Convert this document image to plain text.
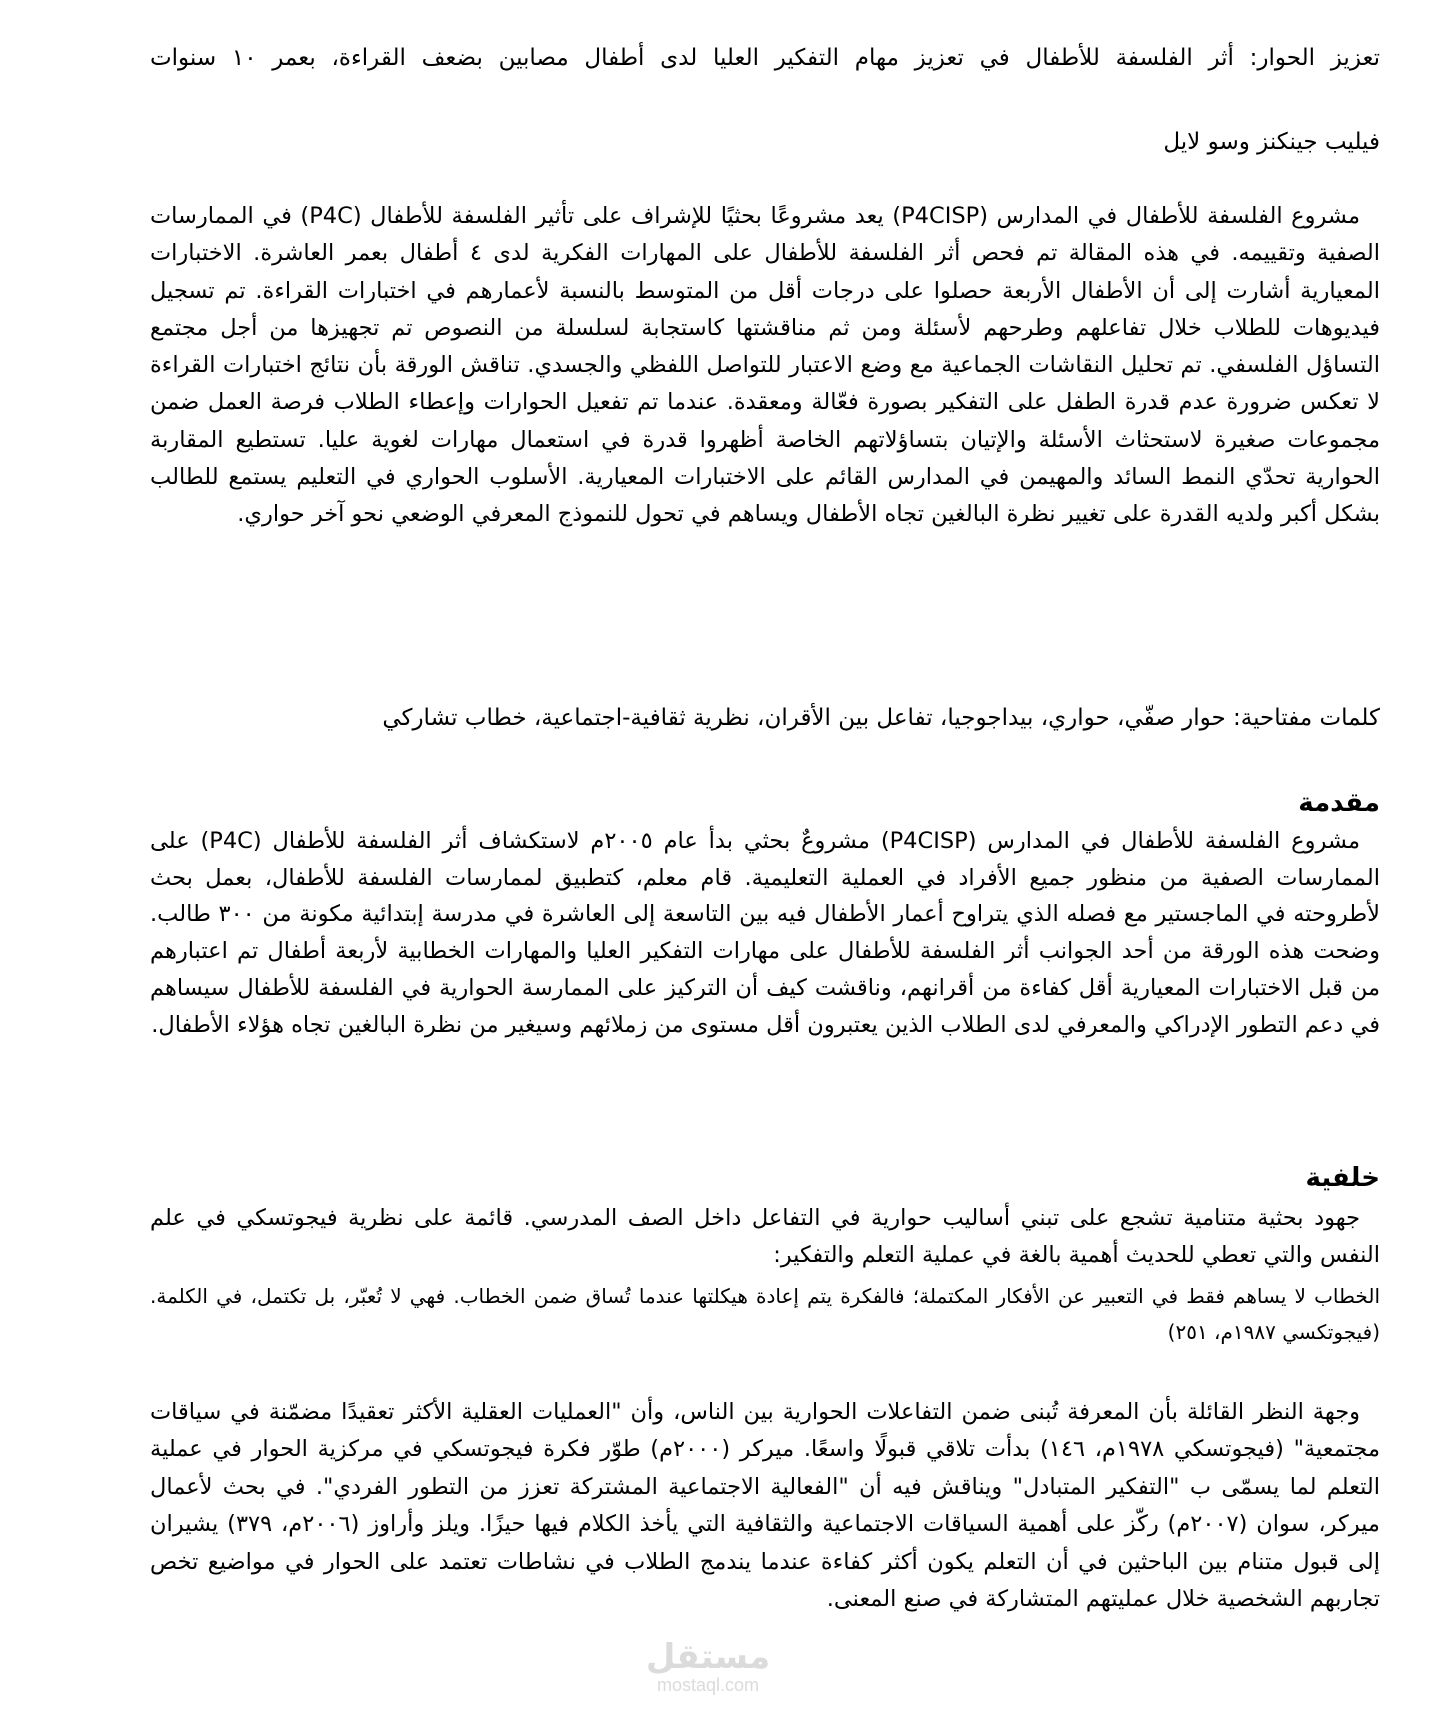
تعزيز الحوار: أثر الفلسفة للأطفال في تعزيز مهام التفكير العليا لدى أطفال مصابين بضعف القراءة، بعمر ١٠ سنوات
فيليب جينكنز وسو لايل
مشروع الفلسفة للأطفال في المدارس (P4CISP) يعد مشروعًا بحثيًا للإشراف على تأثير الفلسفة للأطفال (P4C) في الممارسات الصفية وتقييمه. في هذه المقالة تم فحص أثر الفلسفة للأطفال على المهارات الفكرية لدى ٤ أطفال بعمر العاشرة. الاختبارات المعيارية أشارت إلى أن الأطفال الأربعة حصلوا على درجات أقل من المتوسط بالنسبة لأعمارهم في اختبارات القراءة. تم تسجيل فيديوهات للطلاب خلال تفاعلهم وطرحهم لأسئلة ومن ثم مناقشتها كاستجابة لسلسلة من النصوص تم تجهيزها من أجل مجتمع التساؤل الفلسفي. تم تحليل النقاشات الجماعية مع وضع الاعتبار للتواصل اللفظي والجسدي. تناقش الورقة بأن نتائج اختبارات القراءة لا تعكس ضرورة عدم قدرة الطفل على التفكير بصورة فعّالة ومعقدة. عندما تم تفعيل الحوارات وإعطاء الطلاب فرصة العمل ضمن مجموعات صغيرة لاستحثاث الأسئلة والإتيان بتساؤلاتهم الخاصة أظهروا قدرة في استعمال مهارات لغوية عليا. تستطيع المقاربة الحوارية تحدّي النمط السائد والمهيمن في المدارس القائم على الاختبارات المعيارية. الأسلوب الحواري في التعليم يستمع للطالب بشكل أكبر ولديه القدرة على تغيير نظرة البالغين تجاه الأطفال ويساهم في تحول للنموذج المعرفي الوضعي نحو آخر حواري.
كلمات مفتاحية: حوار صفّي، حواري، بيداجوجيا، تفاعل بين الأقران، نظرية ثقافية-اجتماعية، خطاب تشاركي
مقدمة
مشروع الفلسفة للأطفال في المدارس (P4CISP) مشروعٌ بحثي بدأ عام ٢٠٠٥م لاستكشاف أثر الفلسفة للأطفال (P4C) على الممارسات الصفية من منظور جميع الأفراد في العملية التعليمية. قام معلم، كتطبيق لممارسات الفلسفة للأطفال، بعمل بحث لأطروحته في الماجستير مع فصله الذي يتراوح أعمار الأطفال فيه بين التاسعة إلى العاشرة في مدرسة إبتدائية مكونة من ٣٠٠ طالب. وضحت هذه الورقة من أحد الجوانب أثر الفلسفة للأطفال على مهارات التفكير العليا والمهارات الخطابية لأربعة أطفال تم اعتبارهم من قبل الاختبارات المعيارية أقل كفاءة من أقرانهم، وناقشت كيف أن التركيز على الممارسة الحوارية في الفلسفة للأطفال سيساهم في دعم التطور الإدراكي والمعرفي لدى الطلاب الذين يعتبرون أقل مستوى من زملائهم وسيغير من نظرة البالغين تجاه هؤلاء الأطفال.
خلفية
جهود بحثية متنامية تشجع على تبني أساليب حوارية في التفاعل داخل الصف المدرسي. قائمة على نظرية فيجوتسكي في علم النفس والتي تعطي للحديث أهمية بالغة في عملية التعلم والتفكير:
الخطاب لا يساهم فقط في التعبير عن الأفكار المكتملة؛ فالفكرة يتم إعادة هيكلتها عندما تُساق ضمن الخطاب. فهي لا تُعبّر، بل تكتمل، في الكلمة. (فيجوتكسي ١٩٨٧م، ٢٥١)
وجهة النظر القائلة بأن المعرفة تُبنى ضمن التفاعلات الحوارية بين الناس، وأن "العمليات العقلية الأكثر تعقيدًا مضمّنة في سياقات مجتمعية" (فيجوتسكي ١٩٧٨م، ١٤٦) بدأت تلاقي قبولًا واسعًا. ميركر (٢٠٠٠م) طوّر فكرة فيجوتسكي في مركزية الحوار في عملية التعلم لما يسمّى ب "التفكير المتبادل" ويناقش فيه أن "الفعالية الاجتماعية المشتركة تعزز من التطور الفردي". في بحث لأعمال ميركر، سوان (٢٠٠٧م) ركّز على أهمية السياقات الاجتماعية والثقافية التي يأخذ الكلام فيها حيزًا. ويلز وأراوز (٢٠٠٦م، ٣٧٩) يشيران إلى قبول متنام بين الباحثين في أن التعلم يكون أكثر كفاءة عندما يندمج الطلاب في نشاطات تعتمد على الحوار في مواضيع تخص تجاربهم الشخصية خلال عمليتهم المتشاركة في صنع المعنى.
مستقل
mostaql.com
